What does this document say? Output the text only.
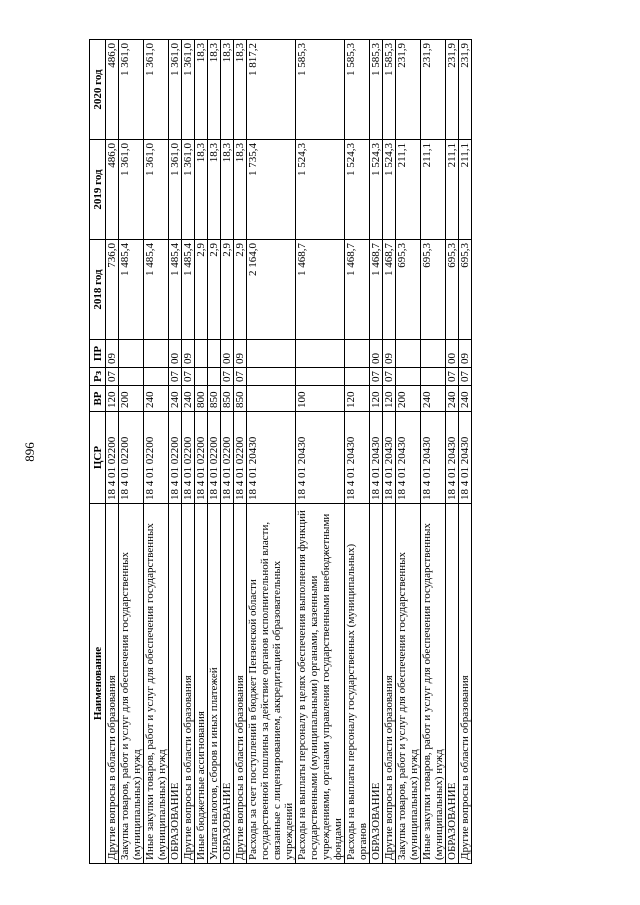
896
Наименование	ЦСР	ВР	Рз	ПР	2018 год	2019 год	2020 год
Другие вопросы в области образования	18 4 01 02200	120	07	09	736,0	486,0	486,0
Закупка товаров, работ и услуг для обеспечения государственных (муниципальных) нужд	18 4 01 02200	200			1 485,4	1 361,0	1 361,0
Иные закупки товаров, работ и услуг для обеспечения государственных (муниципальных) нужд	18 4 01 02200	240			1 485,4	1 361,0	1 361,0
ОБРАЗОВАНИЕ	18 4 01 02200	240	07	00	1 485,4	1 361,0	1 361,0
Другие вопросы в области образования	18 4 01 02200	240	07	09	1 485,4	1 361,0	1 361,0
Иные бюджетные ассигнования	18 4 01 02200	800			2,9	18,3	18,3
Уплата налогов, сборов и иных платежей	18 4 01 02200	850			2,9	18,3	18,3
ОБРАЗОВАНИЕ	18 4 01 02200	850	07	00	2,9	18,3	18,3
Другие вопросы в области образования	18 4 01 02200	850	07	09	2,9	18,3	18,3
Расходы за счет поступлений в бюджет Пензенской области государственной пошлины за действие органов исполнительной власти, связанные с лицензированием, аккредитацией образовательных учреждений	18 4 01 20430				2 164,0	1 735,4	1 817,2
Расходы на выплаты персоналу в целях обеспечения выполнения функций государственными (муниципальными) органами, казенными учреждениями, органами управления государственными внебюджетными фондами	18 4 01 20430	100			1 468,7	1 524,3	1 585,3
Расходы на выплаты персоналу государственных (муниципальных) органов	18 4 01 20430	120			1 468,7	1 524,3	1 585,3
ОБРАЗОВАНИЕ	18 4 01 20430	120	07	00	1 468,7	1 524,3	1 585,3
Другие вопросы в области образования	18 4 01 20430	120	07	09	1 468,7	1 524,3	1 585,3
Закупка товаров, работ и услуг для обеспечения государственных (муниципальных) нужд	18 4 01 20430	200			695,3	211,1	231,9
Иные закупки товаров, работ и услуг для обеспечения государственных (муниципальных) нужд	18 4 01 20430	240			695,3	211,1	231,9
ОБРАЗОВАНИЕ	18 4 01 20430	240	07	00	695,3	211,1	231,9
Другие вопросы в области образования	18 4 01 20430	240	07	09	695,3	211,1	231,9
